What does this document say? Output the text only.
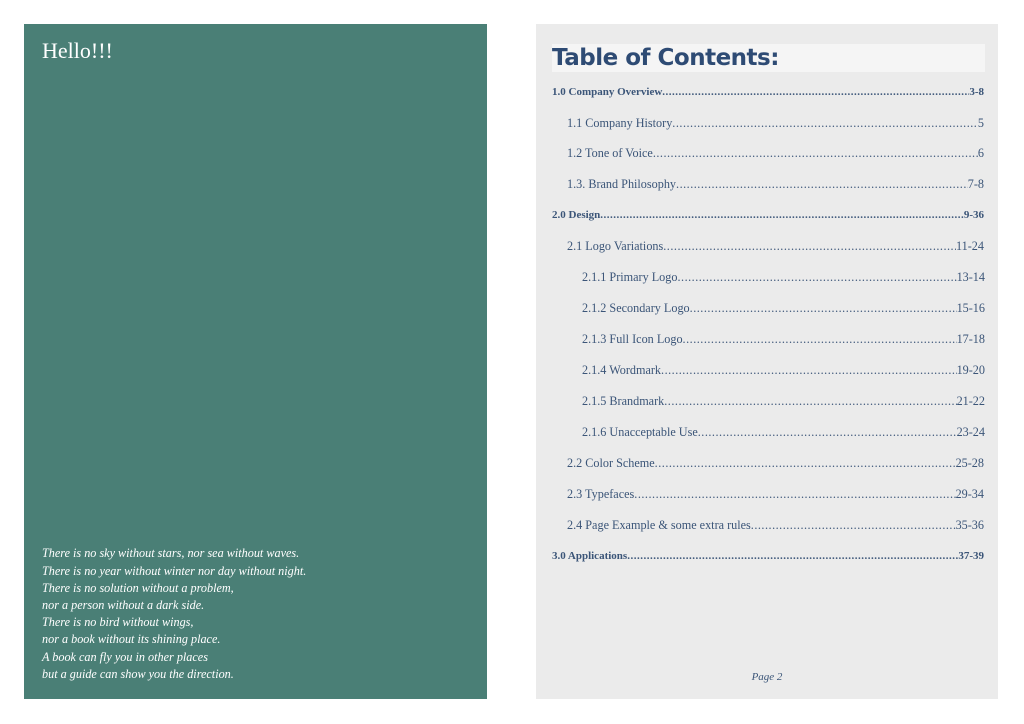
Hello!!!
There is no sky without stars, nor sea without waves.
There is no year without winter nor day without night.
There is no solution without a problem,
nor a person without a dark side.
There is no bird without wings,
nor a book without its shining place.
A book can fly you in other places
but a guide can show you the direction.
Table of Contents:
1.0 Company Overview .....	3-8
1.1 Company History .....	5
1.2 Tone of Voice .....	6
1.3. Brand Philosophy .....	7-8
2.0 Design .....	9-36
2.1 Logo Variations .....	11-24
2.1.1 Primary Logo .....	13-14
2.1.2 Secondary Logo .....	15-16
2.1.3 Full Icon Logo .....	17-18
2.1.4 Wordmark .....	19-20
2.1.5 Brandmark .....	21-22
2.1.6 Unacceptable Use .....	23-24
2.2 Color Scheme .....	25-28
2.3 Typefaces .....	29-34
2.4 Page Example & some extra rules .....	35-36
3.0 Applications .....	37-39
Page 2
